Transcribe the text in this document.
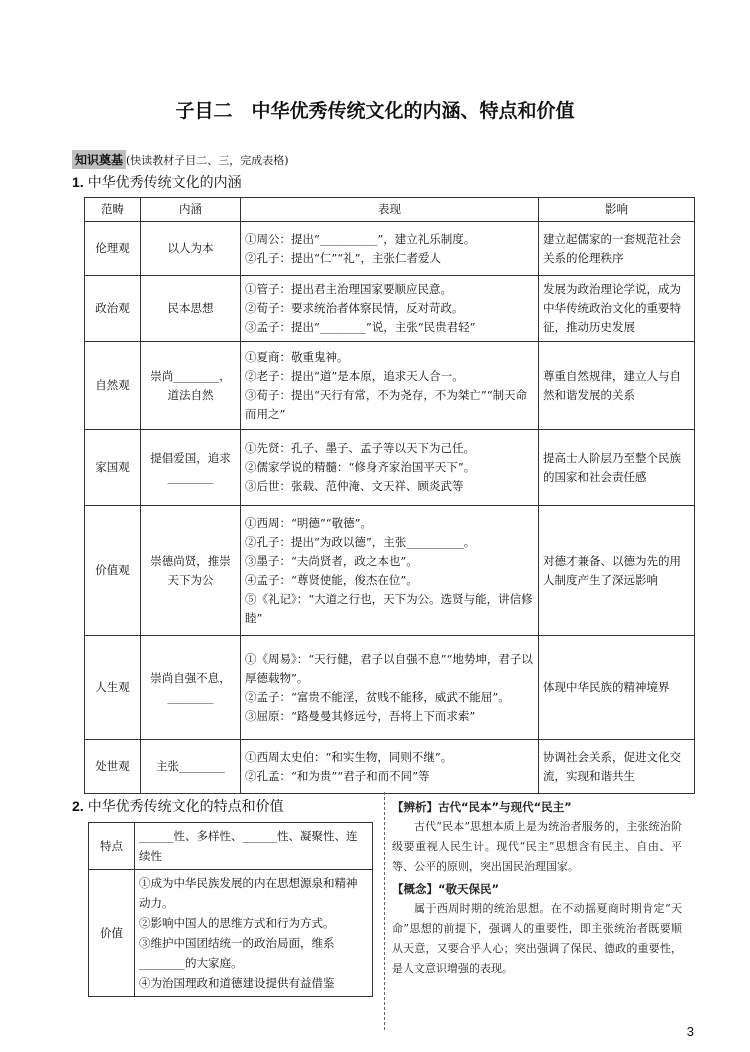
子目二　中华优秀传统文化的内涵、特点和价值
知识奠基 (快读教材子目二、三，完成表格)
1. 中华优秀传统文化的内涵
范畴	内涵	表现	影响
伦理观	以人为本	①周公：提出“__________”，建立礼乐制度。
②孔子：提出“仁”“礼”，主张仁者爱人	建立起儒家的一套规范社会关系的伦理秩序
政治观	民本思想	①管子：提出君主治理国家要顺应民意。
②荀子：要求统治者体察民情，反对苛政。
③孟子：提出“________”说，主张“民贵君轻”	发展为政治理论学说，成为中华传统政治文化的重要特征，推动历史发展
自然观	崇尚________，道法自然	①夏商：敬重鬼神。
②老子：提出“道”是本原，追求天人合一。
③荀子：提出“天行有常，不为尧存，不为桀亡”“制天命而用之”	尊重自然规律，建立人与自然和谐发展的关系
家国观	提倡爱国，追求________	①先贤：孔子、墨子、孟子等以天下为己任。
②儒家学说的精髓：“修身齐家治国平天下”。
③后世：张载、范仲淹、文天祥、顾炎武等	提高士人阶层乃至整个民族的国家和社会责任感
价值观	崇德尚贤，推崇天下为公	①西周：“明德”“敬德”。
②孔子：提出“为政以德”，主张__________。
③墨子：“夫尚贤者，政之本也”。
④孟子：“尊贤使能，俊杰在位”。
⑤《礼记》：“大道之行也，天下为公。选贤与能，讲信修睦”	对德才兼备、以德为先的用人制度产生了深远影响
人生观	崇尚自强不息，________	①《周易》：“天行健，君子以自强不息”“地势坤，君子以厚德载物”。
②孟子：“富贵不能淫，贫贱不能移，威武不能屈”。
③屈原：“路曼曼其修远兮，吾将上下而求索”	体现中华民族的精神境界
处世观	主张________	①西周太史伯：“和实生物，同则不继”。
②孔孟：“和为贵”“君子和而不同”等	协调社会关系，促进文化交流，实现和谐共生
2. 中华优秀传统文化的特点和价值
特点	______性、多样性、______性、凝聚性、连续性
价值	①成为中华民族发展的内在思想源泉和精神动力。
②影响中国人的思维方式和行为方式。
③维护中国团结统一的政治局面，维系________的大家庭。
④为治国理政和道德建设提供有益借鉴
【辨析】古代“民本”与现代“民主”

古代“民本”思想本质上是为统治者服务的，主张统治阶级要重视人民生计。现代“民主”思想含有民主、自由、平等、公平的原则，突出国民治理国家。

【概念】“敬天保民”

属于西周时期的统治思想。在不动摇夏商时期肯定“天命”思想的前提下，强调人的重要性，即主张统治者既要顺从天意，又要合乎人心；突出强调了保民、德政的重要性，是人文意识增强的表现。

3
